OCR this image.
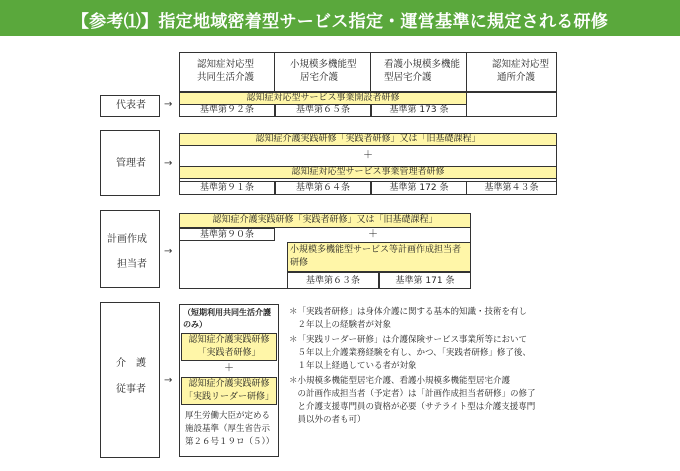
【参考⑴】指定地域密着型サービス指定・運営基準に規定される研修
認知症対応型
共同生活介護
小規模多機能型
居宅介護
看護小規模多機能
型居宅介護
認知症対応型
通所介護
代表者 →
認知症対応型サービス事業開設者研修
基準第９２条	基準第６５条	基準第 173 条
管理者 →
認知症介護実践研修「実践者研修」又は「旧基礎課程」
＋
認知症対応型サービス事業管理者研修
基準第９１条	基準第６４条	基準第 172 条	基準第４３条
計画作成
担当者
→
認知症介護実践研修「実践者研修」又は「旧基礎課程」
基準第９０条	＋
小規模多機能型サービス等計画作成担当者
研修
基準第６３条	基準第 171 条
介　護
従事者
→
（短期利用共同生活介護
のみ）
認知症介護実践研修
「実践者研修」
＋
認知症介護実践研修
「実践リーダー研修」
厚生労働大臣が定める
施設基準（厚生省告示
第２６号１９ロ（５））
＊「実践者研修」は身体介護に関する基本的知識・技術を有し
　２年以上の経験者が対象
＊「実践リーダー研修」は介護保険サービス事業所等において
　５年以上介護業務経験を有し、かつ、「実践者研修」修了後、
　１年以上経過している者が対象
＊小規模多機能型居宅介護、看護小規模多機能型居宅介護
　の計画作成担当者（予定者）は「計画作成担当者研修」の修了
　と介護支援専門員の資格が必要（サテライト型は介護支援専門
　員以外の者も可）
